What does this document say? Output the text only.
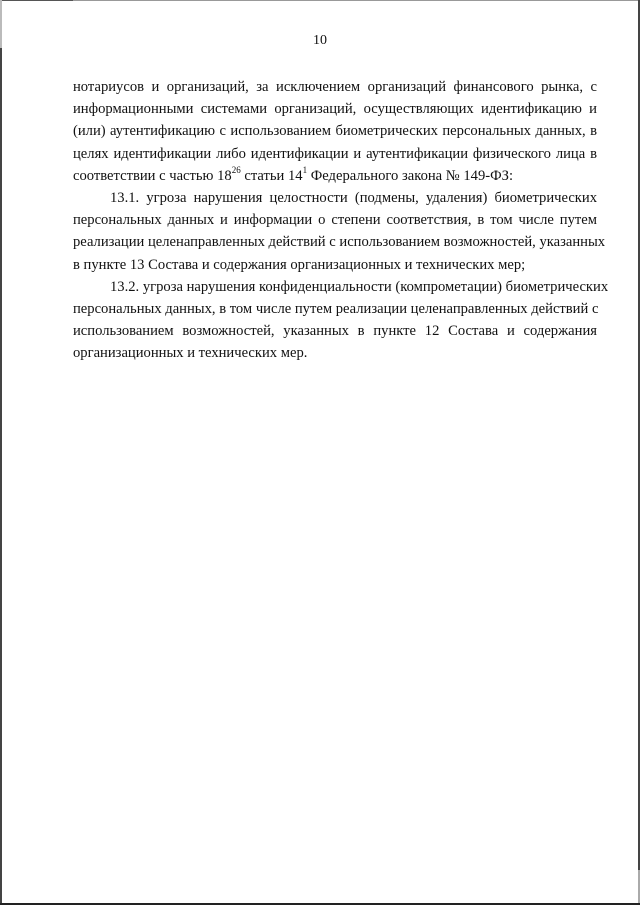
10
нотариусов и организаций, за исключением организаций финансового рынка, с
информационными системами организаций, осуществляющих идентификацию и
(или) аутентификацию с использованием биометрических персональных данных, в
целях идентификации либо идентификации и аутентификации физического лица в
соответствии с частью $18^{26}$ статьи $14^1$ Федерального закона № 149-ФЗ:
13.1. угроза нарушения целостности (подмены, удаления) биометрических
персональных данных и информации о степени соответствия, в том числе путем
реализации целенаправленных действий с использованием возможностей, указанных
в пункте 13 Состава и содержания организационных и технических мер;
13.2. угроза нарушения конфиденциальности (компрометации) биометрических
персональных данных, в том числе путем реализации целенаправленных действий с
использованием возможностей, указанных в пункте 12 Состава и содержания
организационных и технических мер.
